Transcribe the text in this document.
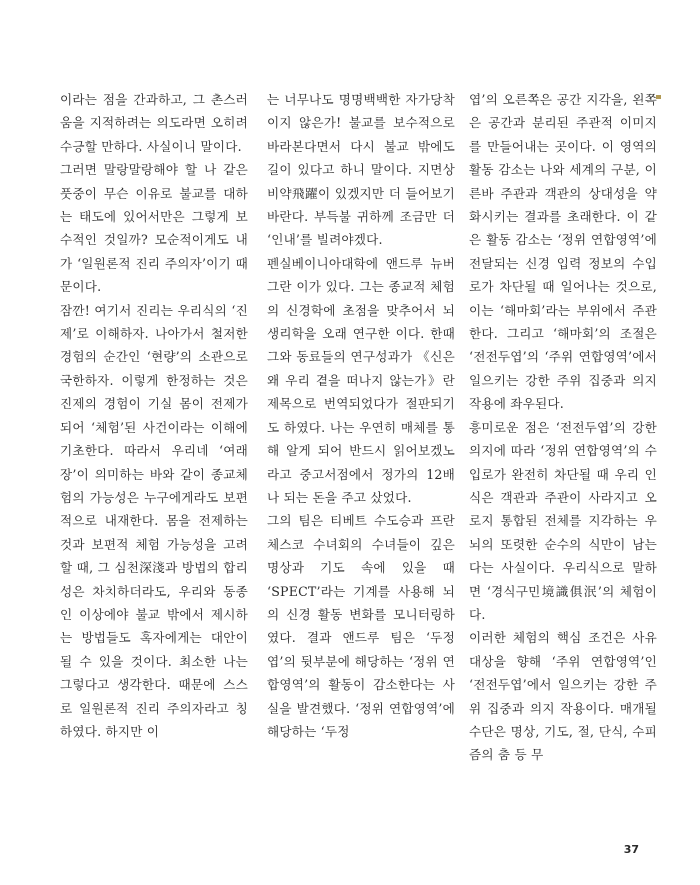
이라는 점을 간과하고, 그 촌스러움을 지적하려는 의도라면 오히려 수긍할 만하다. 사실이니 말이다.

그러면 말랑말랑해야 할 나 같은 풋중이 무슨 이유로 불교를 대하는 태도에 있어서만은 그렇게 보수적인 것일까? 모순적이게도 내가 ‘일원론적 진리 주의자’이기 때문이다.

잠깐! 여기서 진리는 우리식의 ‘진제’로 이해하자. 나아가서 철저한 경험의 순간인 ‘현량’의 소관으로 국한하자. 이렇게 한정하는 것은 진제의 경험이 기실 몸이 전제가 되어 ‘체험’된 사건이라는 이해에 기초한다. 따라서 우리네 ‘여래장’이 의미하는 바와 같이 종교체험의 가능성은 누구에게라도 보편적으로 내재한다. 몸을 전제하는 것과 보편적 체험 가능성을 고려할 때, 그 심천深淺과 방법의 합리성은 차치하더라도, 우리와 동종인 이상에야 불교 밖에서 제시하는 방법들도 혹자에게는 대안이 될 수 있을 것이다. 최소한 나는 그렇다고 생각한다. 때문에 스스로 일원론적 진리 주의자라고 칭하였다. 하지만 이

는 너무나도 명명백백한 자가당착이지 않은가! 불교를 보수적으로 바라본다면서 다시 불교 밖에도 길이 있다고 하니 말이다. 지면상 비약飛躍이 있겠지만 더 들어보기 바란다. 부득불 귀하께 조금만 더 ‘인내’를 빌려야겠다.

펜실베이니아대학에 앤드루 뉴버그란 이가 있다. 그는 종교적 체험의 신경학에 초점을 맞추어서 뇌 생리학을 오래 연구한 이다. 한때 그와 동료들의 연구성과가 《신은 왜 우리 곁을 떠나지 않는가》란 제목으로 번역되었다가 절판되기도 하였다. 나는 우연히 매체를 통해 알게 되어 반드시 읽어보겠노라고 중고서점에서 정가의 12배나 되는 돈을 주고 샀었다.

그의 팀은 티베트 수도승과 프란체스코 수녀회의 수녀들이 깊은 명상과 기도 속에 있을 때 ‘SPECT’라는 기계를 사용해 뇌의 신경 활동 변화를 모니터링하였다. 결과 앤드루 팀은 ‘두정엽’의 뒷부분에 해당하는 ‘정위 연합영역’의 활동이 감소한다는 사실을 발견했다. ‘정위 연합영역’에 해당하는 ‘두정

엽’의 오른쪽은 공간 지각을, 왼쪽은 공간과 분리된 주관적 이미지를 만들어내는 곳이다. 이 영역의 활동 감소는 나와 세계의 구분, 이른바 주관과 객관의 상대성을 약화시키는 결과를 초래한다. 이 같은 활동 감소는 ‘정위 연합영역’에 전달되는 신경 입력 정보의 수입로가 차단될 때 일어나는 것으로, 이는 ‘해마회’라는 부위에서 주관한다. 그리고 ‘해마회’의 조절은 ‘전전두엽’의 ‘주위 연합영역’에서 일으키는 강한 주위 집중과 의지 작용에 좌우된다.

흥미로운 점은 ‘전전두엽’의 강한 의지에 따라 ‘정위 연합영역’의 수입로가 완전히 차단될 때 우리 인식은 객관과 주관이 사라지고 오로지 통합된 전체를 지각하는 우뇌의 또렷한 순수의 식만이 남는다는 사실이다. 우리식으로 말하면 ‘경식구민境識俱泯’의 체험이다.

이러한 체험의 핵심 조건은 사유 대상을 향해 ‘주위 연합영역’인 ‘전전두엽’에서 일으키는 강한 주위 집중과 의지 작용이다. 매개될 수단은 명상, 기도, 절, 단식, 수피즘의 춤 등 무

37
